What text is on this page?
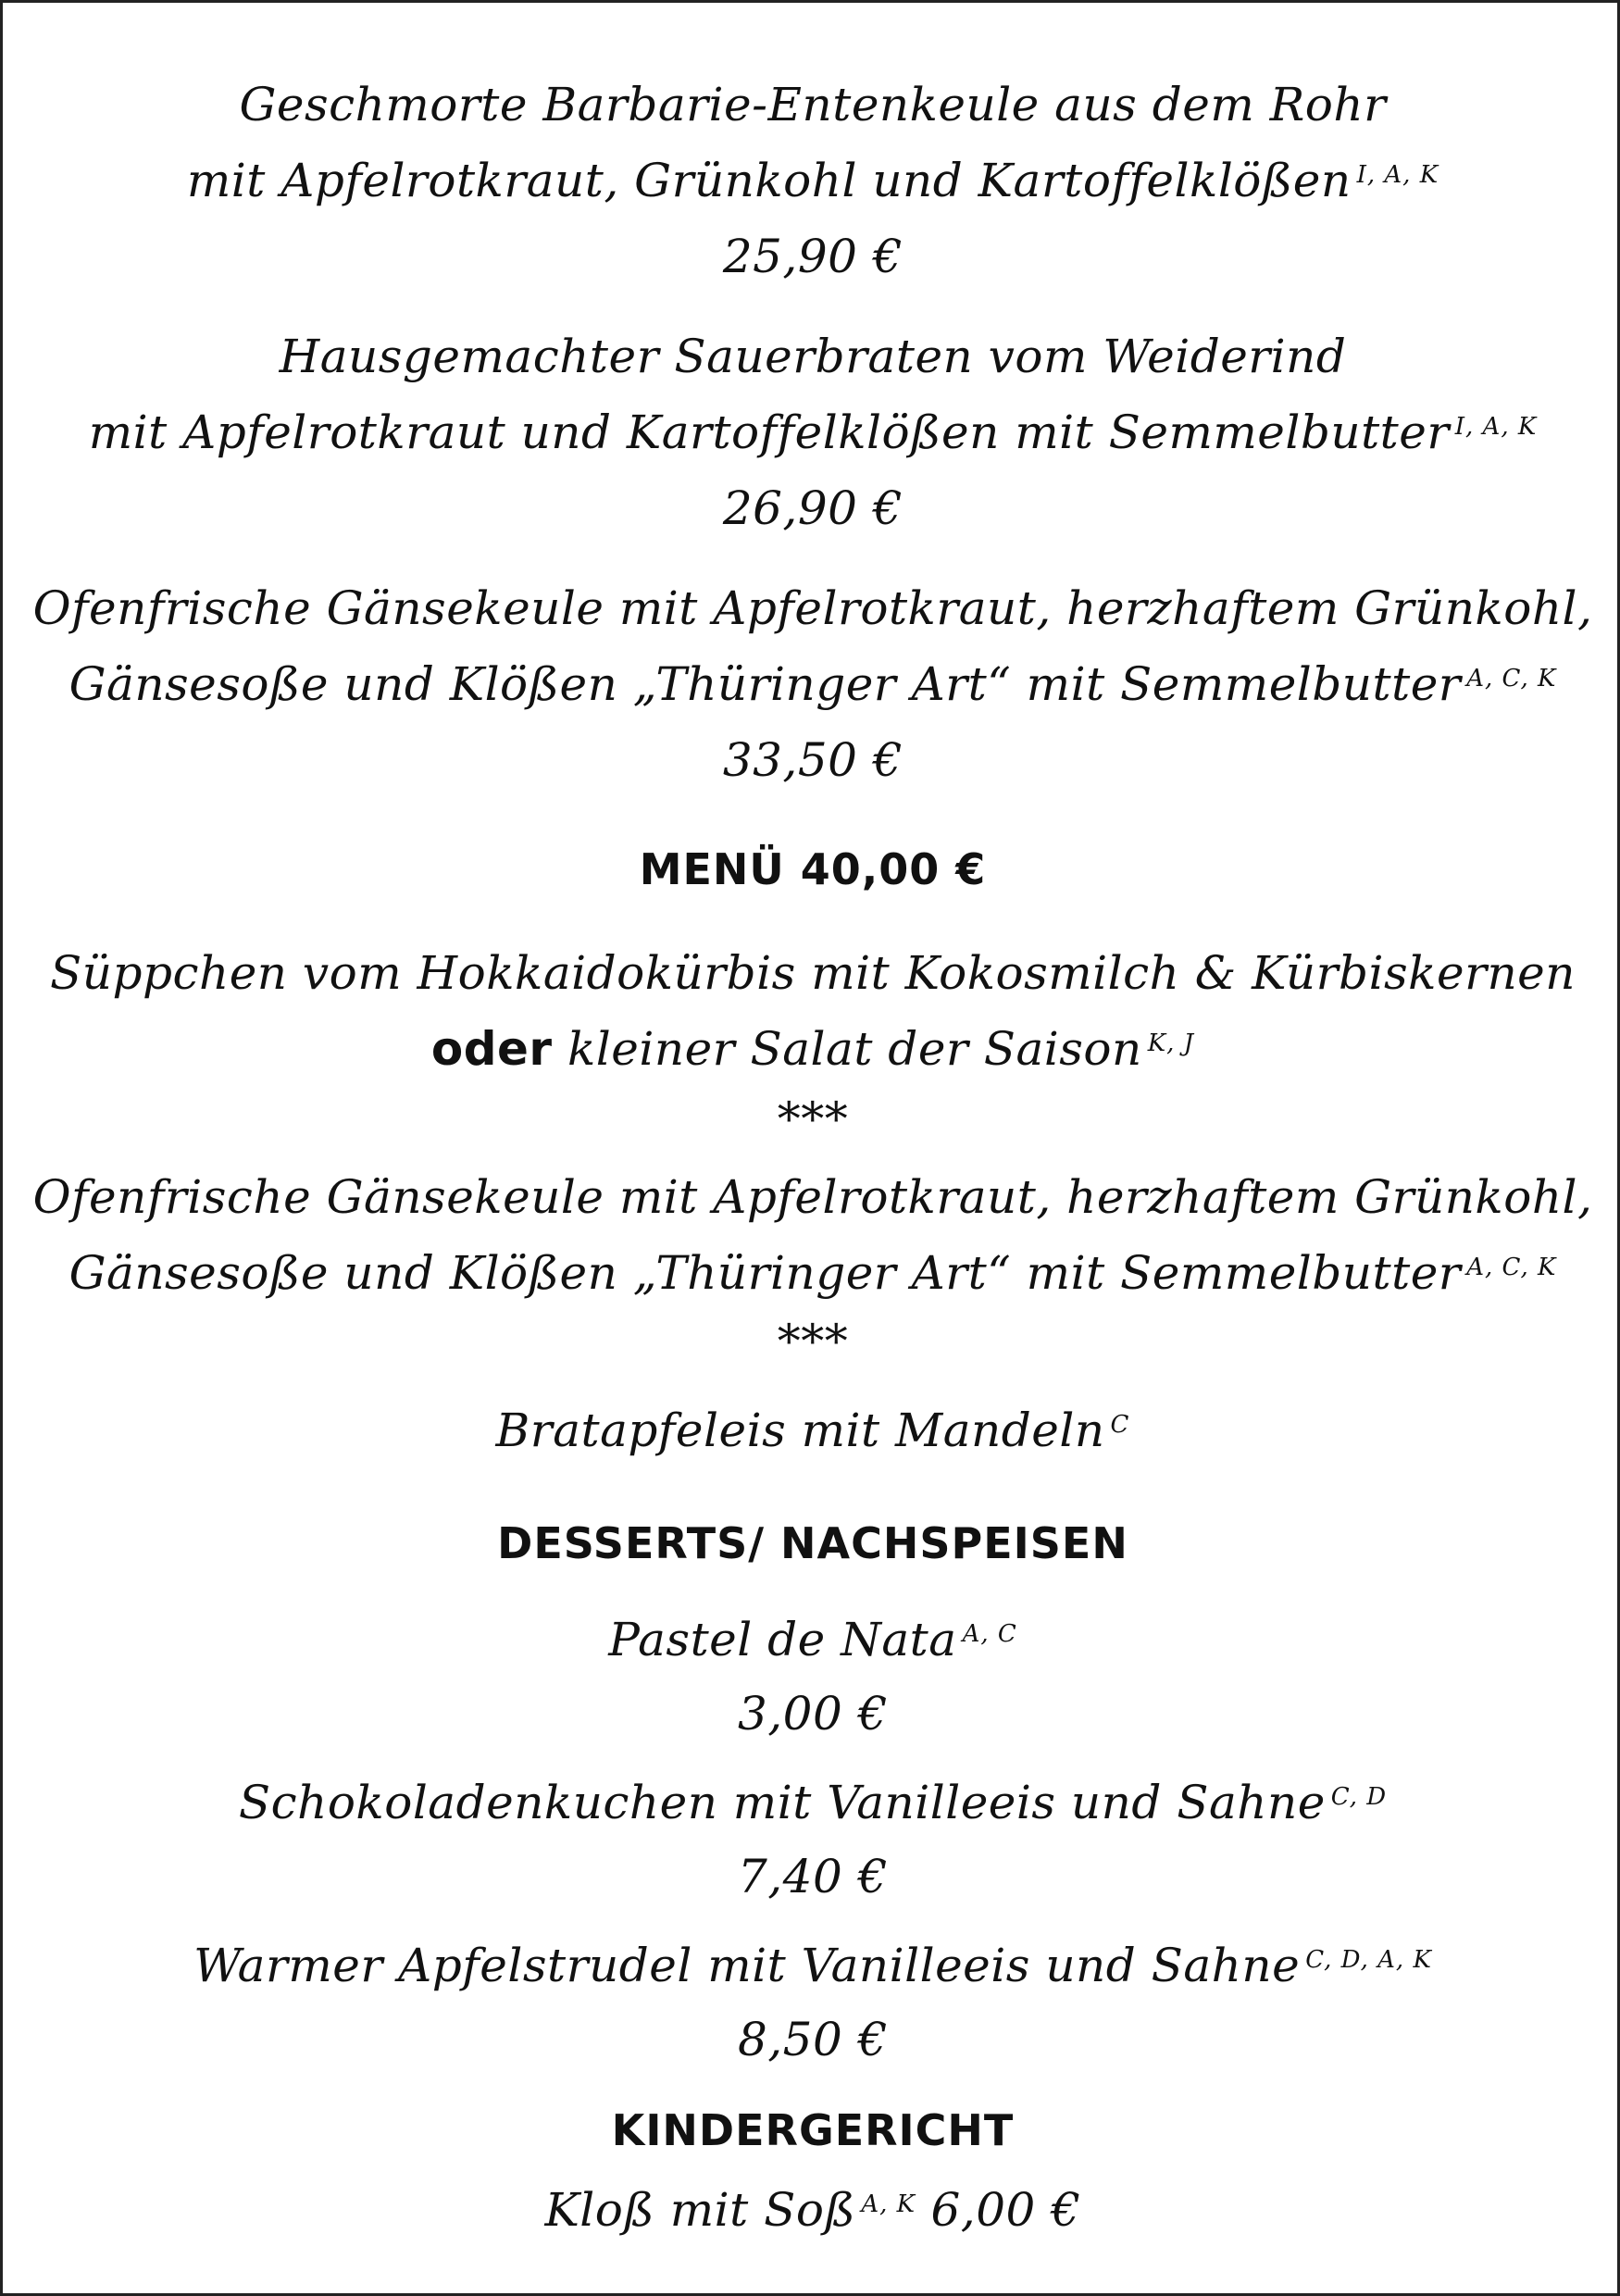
Geschmorte Barbarie-Entenkeule aus dem Rohr
mit Apfelrotkraut, Grünkohl und Kartoffelklößen $^{I, A, K}$
25,90 €
Hausgemachter Sauerbraten vom Weiderind
mit Apfelrotkraut und Kartoffelklößen mit Semmelbutter $^{I, A, K}$
26,90 €
Ofenfrische Gänsekeule mit Apfelrotkraut, herzhaftem Grünkohl,
Gänsesoße und Klößen „Thüringer Art“ mit Semmelbutter $^{A, C, K}$
33,50 €
MENÜ 40,00 €
Süppchen vom Hokkaidokürbis mit Kokosmilch & Kürbiskernen
oder kleiner Salat der Saison $^{K, J}$
***
Ofenfrische Gänsekeule mit Apfelrotkraut, herzhaftem Grünkohl,
Gänsesoße und Klößen „Thüringer Art“ mit Semmelbutter $^{A, C, K}$
***
Bratapfeleis mit Mandeln $^C$
DESSERTS/ NACHSPEISEN
Pastel de Nata $^{A, C}$
3,00 €
Schokoladenkuchen mit Vanilleeis und Sahne $^{C, D}$
7,40 €
Warmer Apfelstrudel mit Vanilleeis und Sahne $^{C, D, A, K}$
8,50 €
KINDERGERICHT
Kloß mit Soß $^{A, K}$ 6,00 €
